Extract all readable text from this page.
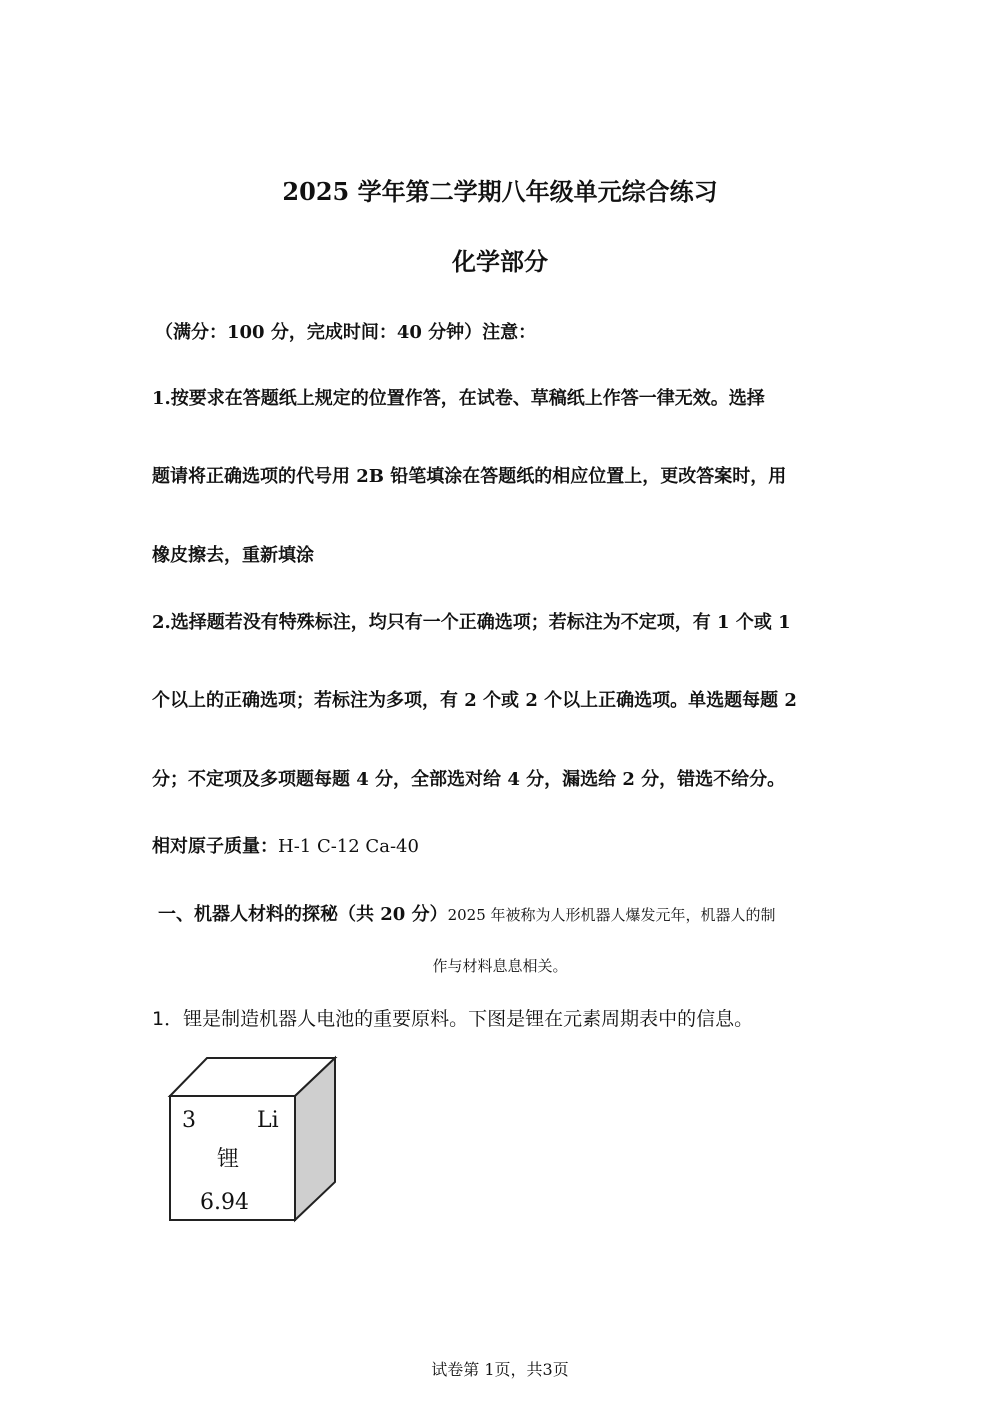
2025 学年第二学期八年级单元综合练习
化学部分
（满分：100 分，完成时间：40 分钟）注意：
1.按要求在答题纸上规定的位置作答，在试卷、草稿纸上作答一律无效。选择
题请将正确选项的代号用 2B 铅笔填涂在答题纸的相应位置上，更改答案时，用
橡皮擦去，重新填涂
2.选择题若没有特殊标注，均只有一个正确选项；若标注为不定项，有 1 个或 1
个以上的正确选项；若标注为多项，有 2 个或 2 个以上正确选项。单选题每题 2
分；不定项及多项题每题 4 分，全部选对给 4 分，漏选给 2 分，错选不给分。
相对原子质量：H-1 C-12 Ca-40
一、机器人材料的探秘（共 20 分）2025 年被称为人形机器人爆发元年，机器人的制
作与材料息息相关。
1．锂是制造机器人电池的重要原料。下图是锂在元素周期表中的信息。
3	Li
锂
6.94
试卷第 1页，共3页
